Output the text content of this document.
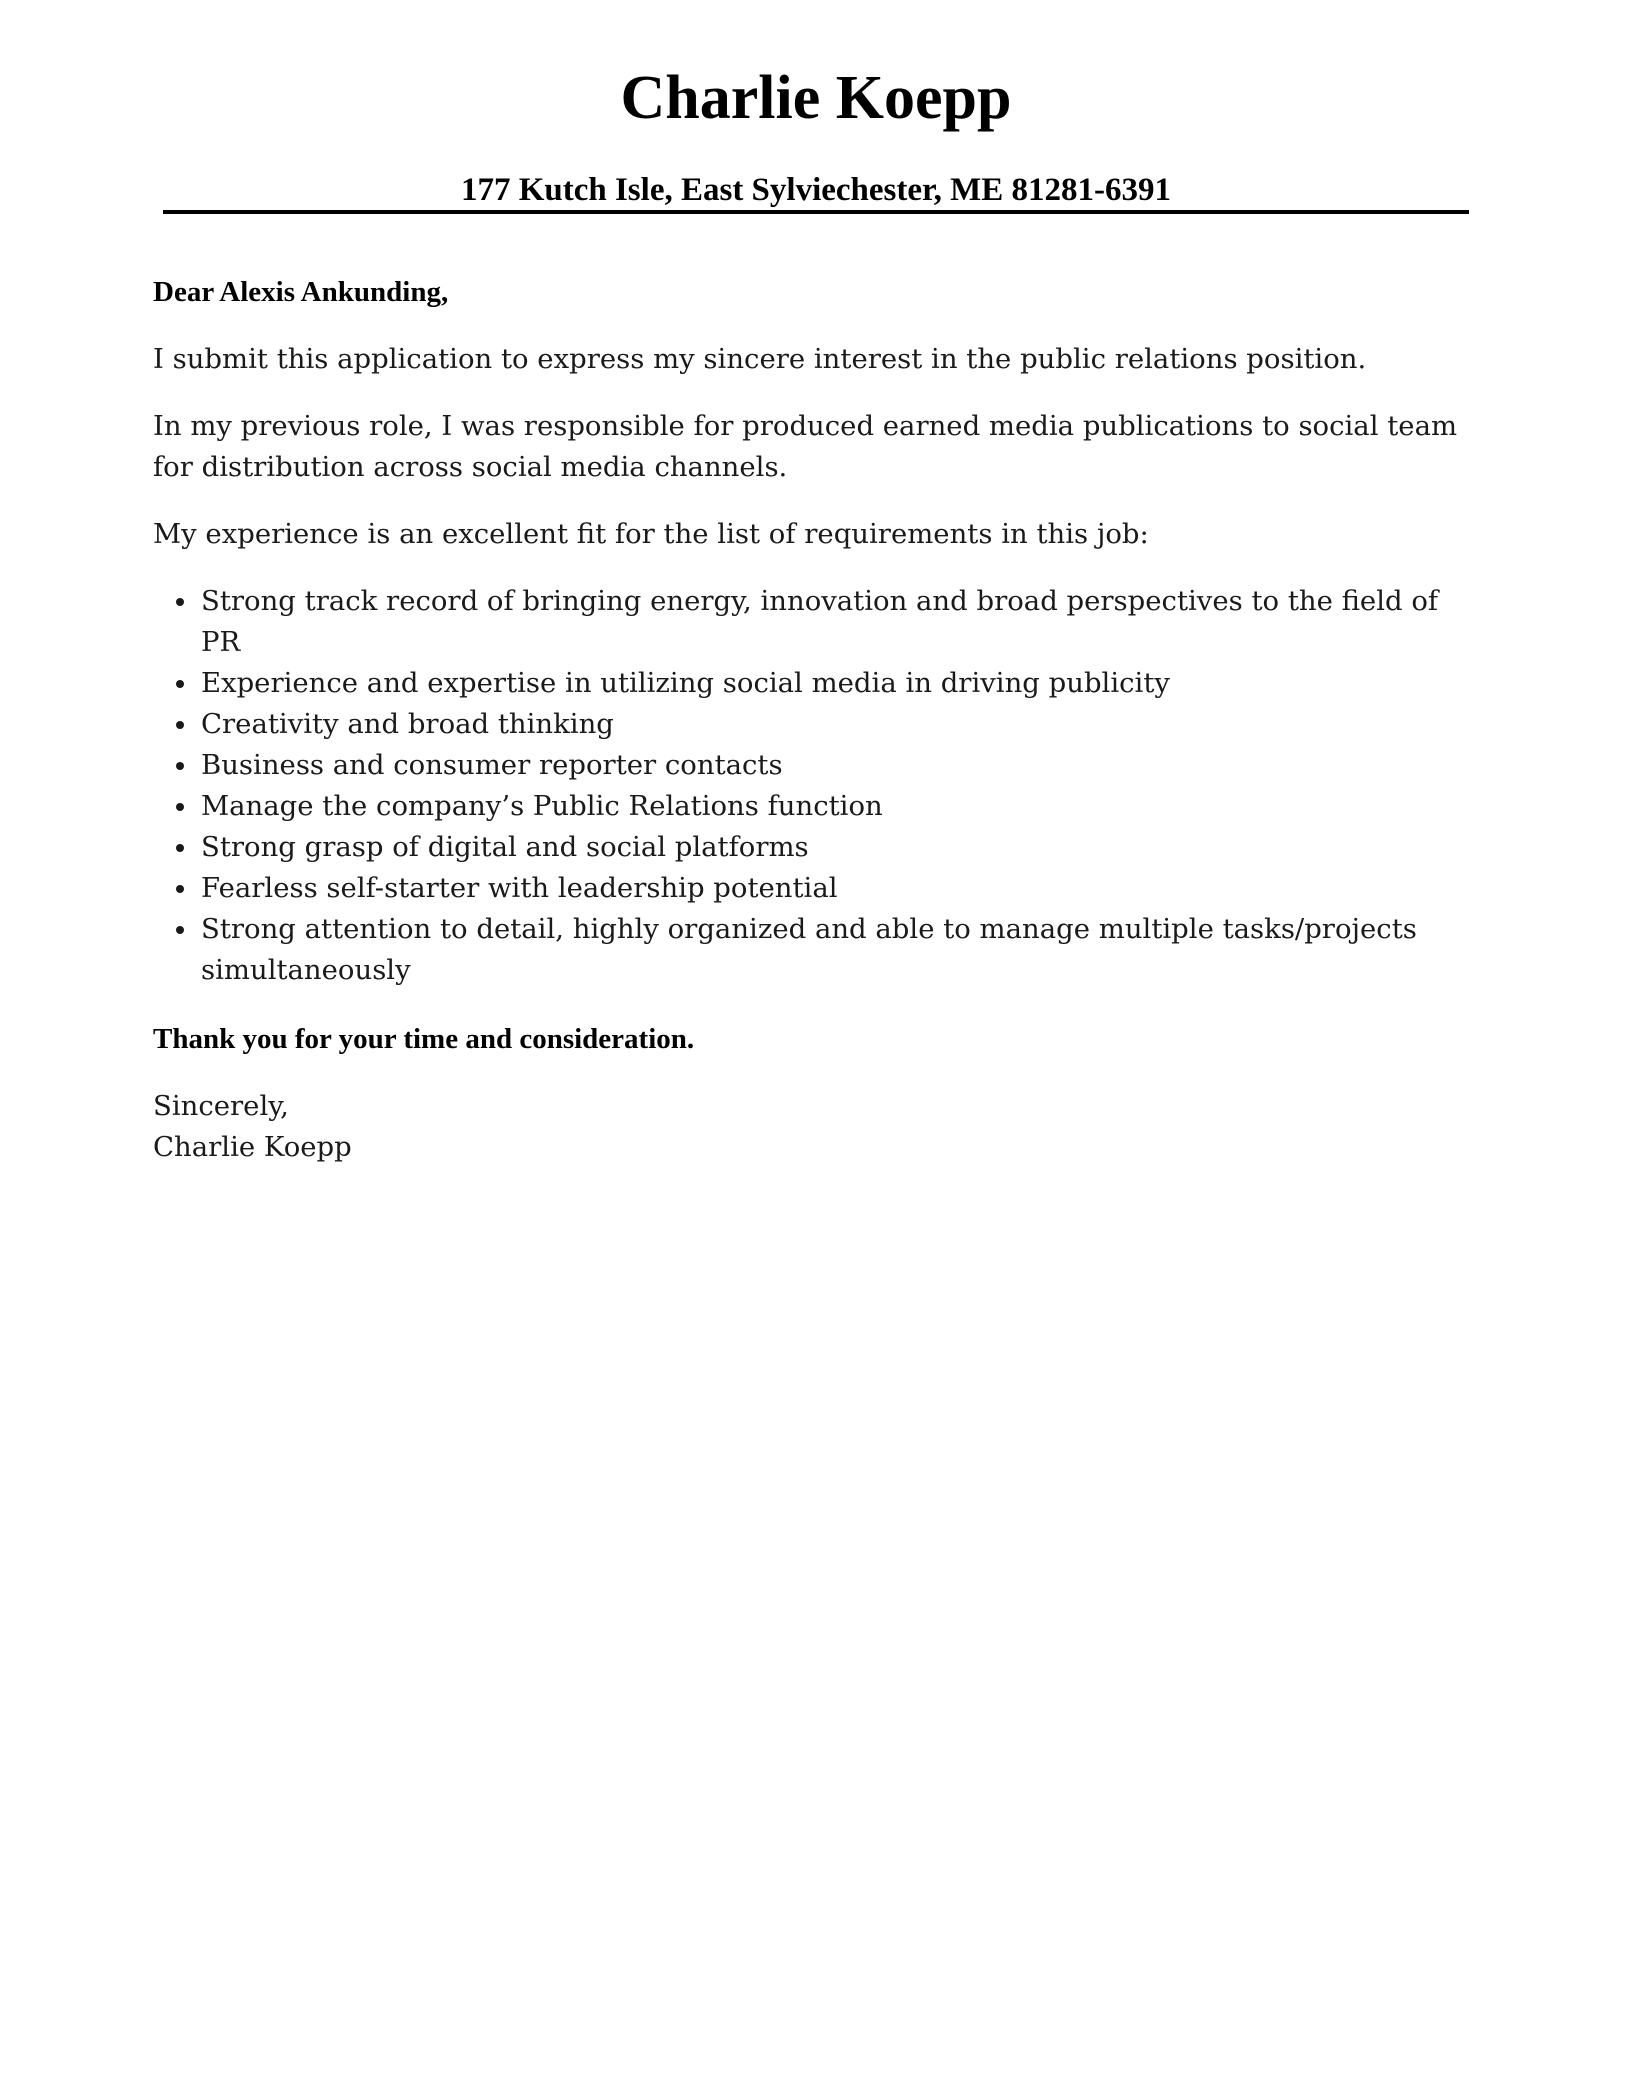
Charlie Koepp

177 Kutch Isle, East Sylviechester, ME 81281-6391

Dear Alexis Ankunding,

I submit this application to express my sincere interest in the public relations position.

In my previous role, I was responsible for produced earned media publications to social team for distribution across social media channels.

My experience is an excellent fit for the list of requirements in this job:

Strong track record of bringing energy, innovation and broad perspectives to the field of PR
Experience and expertise in utilizing social media in driving publicity
Creativity and broad thinking
Business and consumer reporter contacts
Manage the company’s Public Relations function
Strong grasp of digital and social platforms
Fearless self-starter with leadership potential
Strong attention to detail, highly organized and able to manage multiple tasks/projects simultaneously

Thank you for your time and consideration.

Sincerely,

Charlie Koepp
